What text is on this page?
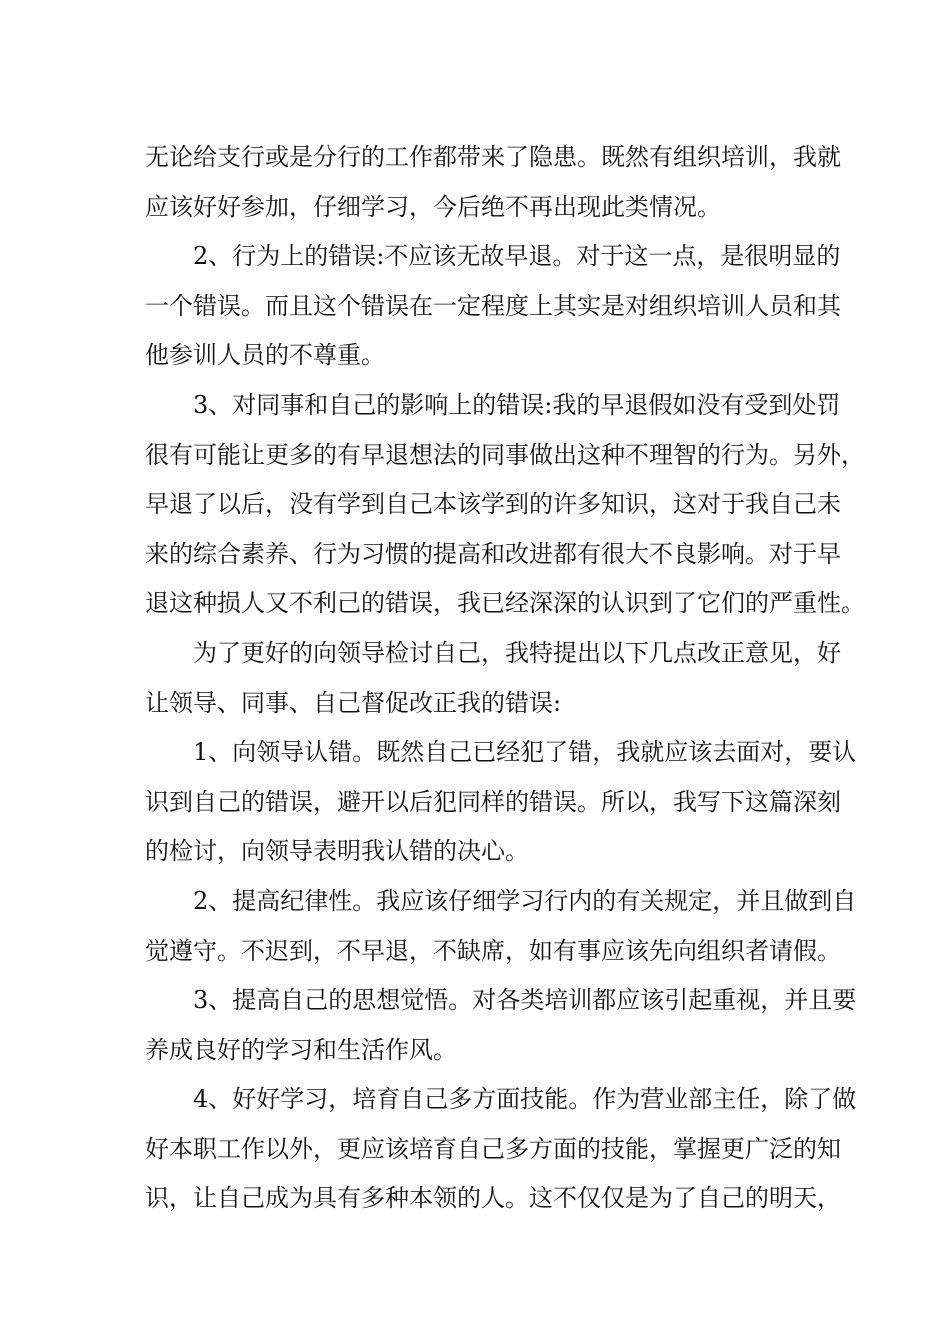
无论给支行或是分行的工作都带来了隐患。既然有组织培训，我就
应该好好参加，仔细学习，今后绝不再出现此类情况。
2、行为上的错误:不应该无故早退。对于这一点，是很明显的
一个错误。而且这个错误在一定程度上其实是对组织培训人员和其
他参训人员的不尊重。
3、对同事和自己的影响上的错误:我的早退假如没有受到处罚
很有可能让更多的有早退想法的同事做出这种不理智的行为。另外，
早退了以后，没有学到自己本该学到的许多知识，这对于我自己未
来的综合素养、行为习惯的提高和改进都有很大不良影响。对于早
退这种损人又不利己的错误，我已经深深的认识到了它们的严重性。
为了更好的向领导检讨自己，我特提出以下几点改正意见，好
让领导、同事、自己督促改正我的错误:
1、向领导认错。既然自己已经犯了错，我就应该去面对，要认
识到自己的错误，避开以后犯同样的错误。所以，我写下这篇深刻
的检讨，向领导表明我认错的决心。
2、提高纪律性。我应该仔细学习行内的有关规定，并且做到自
觉遵守。不迟到，不早退，不缺席，如有事应该先向组织者请假。
3、提高自己的思想觉悟。对各类培训都应该引起重视，并且要
养成良好的学习和生活作风。
4、好好学习，培育自己多方面技能。作为营业部主任，除了做
好本职工作以外，更应该培育自己多方面的技能，掌握更广泛的知
识，让自己成为具有多种本领的人。这不仅仅是为了自己的明天，
